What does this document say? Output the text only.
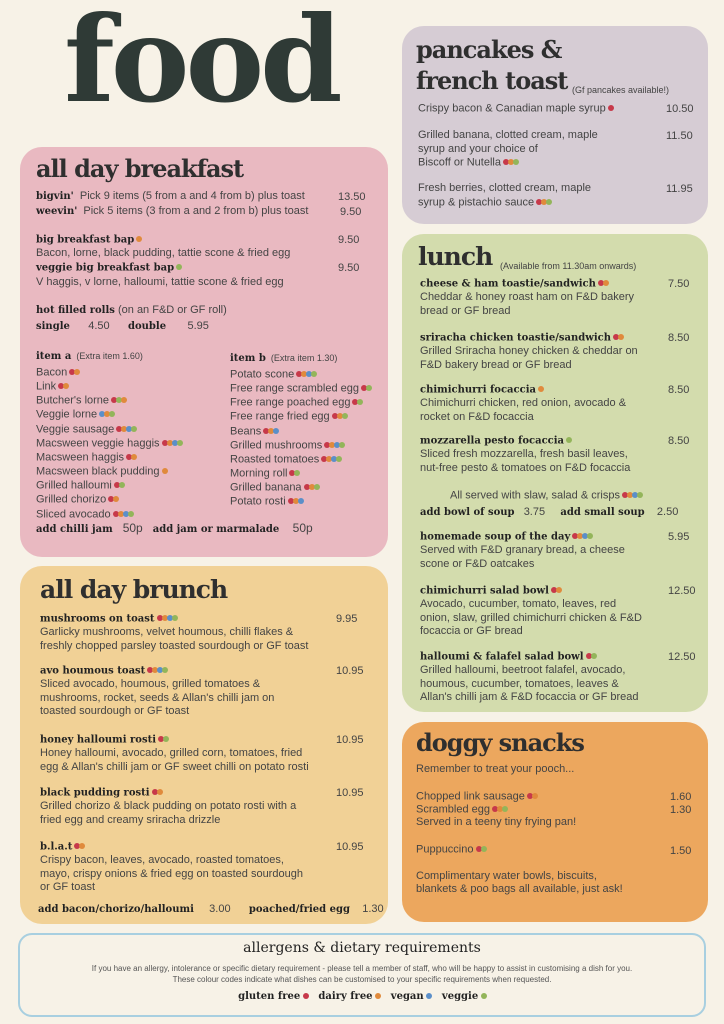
food
all day breakfast
bigvin' Pick 9 items (5 from a and 4 from b) plus toast	13.50
weevin' Pick 5 items (3 from a and 2 from b) plus toast	9.50
big breakfast bap	9.50
Bacon, lorne, black pudding, tattie scone & fried egg
veggie big breakfast bap	9.50
V haggis, v lorne, halloumi, tattie scone & fried egg
hot filled rolls (on an F&D or GF roll)
single 4.50 double 5.95
item a (Extra item 1.60)
Bacon
Link
Butcher's lorne
Veggie lorne
Veggie sausage
Macsween veggie haggis
Macsween haggis
Macsween black pudding
Grilled halloumi
Grilled chorizo
Sliced avocado
item b (Extra item 1.30)
Potato scone
Free range scrambled egg
Free range poached egg
Free range fried egg
Beans
Grilled mushrooms
Roasted tomatoes
Morning roll
Grilled banana
Potato rosti
add chilli jam 50p add jam or marmalade 50p
all day brunch
mushrooms on toast	9.95
Garlicky mushrooms, velvet houmous, chilli flakes &
freshly chopped parsley toasted sourdough or GF toast
avo houmous toast	10.95
Sliced avocado, houmous, grilled tomatoes &
mushrooms, rocket, seeds & Allan's chilli jam on
toasted sourdough or GF toast
honey halloumi rosti	10.95
Honey halloumi, avocado, grilled corn, tomatoes, fried
egg & Allan's chilli jam or GF sweet chilli on potato rosti
black pudding rosti	10.95
Grilled chorizo & black pudding on potato rosti with a
fried egg and creamy sriracha drizzle
b.l.a.t	10.95
Crispy bacon, leaves, avocado, roasted tomatoes,
mayo, crispy onions & fried egg on toasted sourdough
or GF toast
add bacon/chorizo/halloumi 3.00 poached/fried egg 1.30
pancakes &
french toast (Gf pancakes available!)
10.50
Crispy bacon & Canadian maple syrup
11.50
Grilled banana, clotted cream, maple
syrup and your choice of
Biscoff or Nutella
11.95
Fresh berries, clotted cream, maple
syrup & pistachio sauce
lunch (Available from 11.30am onwards)
cheese & ham toastie/sandwich	7.50
Cheddar & honey roast ham on F&D bakery
bread or GF bread
sriracha chicken toastie/sandwich	8.50
Grilled Sriracha honey chicken & cheddar on
F&D bakery bread or GF bread
chimichurri focaccia	8.50
Chimichurri chicken, red onion, avocado &
rocket on F&D focaccia
mozzarella pesto focaccia	8.50
Sliced fresh mozzarella, fresh basil leaves,
nut-free pesto & tomatoes on F&D focaccia
All served with slaw, salad & crisps
add bowl of soup 3.75 add small soup 2.50
homemade soup of the day	5.95
Served with F&D granary bread, a cheese
scone or F&D oatcakes
chimichurri salad bowl	12.50
Avocado, cucumber, tomato, leaves, red
onion, slaw, grilled chimichurri chicken & F&D
focaccia or GF bread
halloumi & falafel salad bowl	12.50
Grilled halloumi, beetroot falafel, avocado,
houmous, cucumber, tomatoes, leaves &
Allan's chilli jam & F&D focaccia or GF bread
doggy snacks
Remember to treat your pooch...
Chopped link sausage	1.60
Scrambled egg	1.30
Served in a teeny tiny frying pan!
Puppuccino	1.50
Complimentary water bowls, biscuits,
blankets & poo bags all available, just ask!
allergens & dietary requirements
If you have an allergy, intolerance or specific dietary requirement - please tell a member of staff, who will be happy to assist in customising a dish for you.
These colour codes indicate what dishes can be customised to your specific requirements when requested.
gluten free dairy free vegan veggie
